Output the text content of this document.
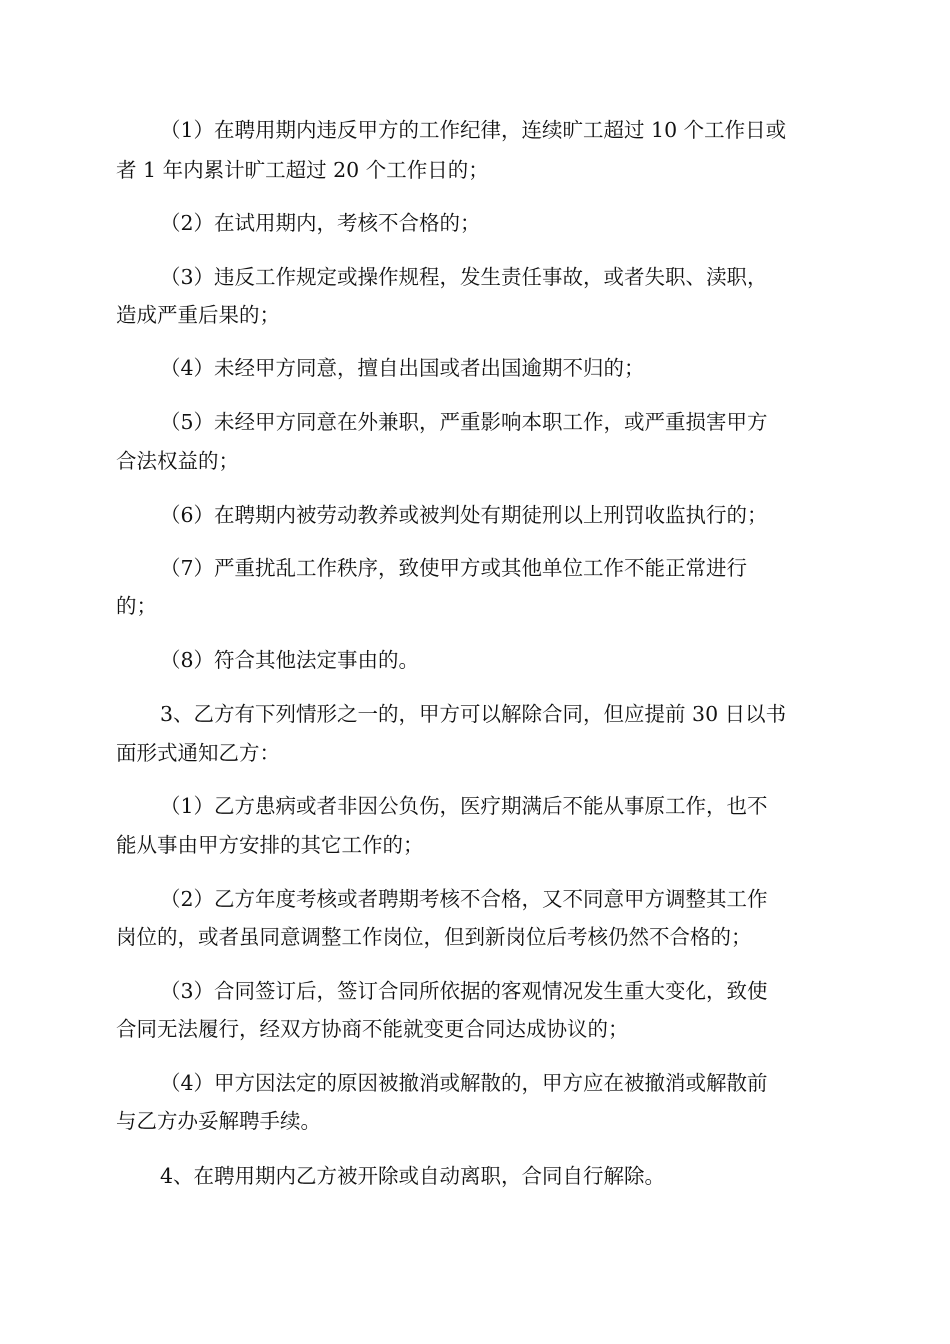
（1）在聘用期内违反甲方的工作纪律，连续旷工超过 10 个工作日或
者 1 年内累计旷工超过 20 个工作日的；
（2）在试用期内，考核不合格的；
（3）违反工作规定或操作规程，发生责任事故，或者失职、渎职，
造成严重后果的；
（4）未经甲方同意，擅自出国或者出国逾期不归的；
（5）未经甲方同意在外兼职，严重影响本职工作，或严重损害甲方
合法权益的；
（6）在聘期内被劳动教养或被判处有期徒刑以上刑罚收监执行的；
（7）严重扰乱工作秩序，致使甲方或其他单位工作不能正常进行
的；
（8）符合其他法定事由的。
3、乙方有下列情形之一的，甲方可以解除合同，但应提前 30 日以书
面形式通知乙方：
（1）乙方患病或者非因公负伤，医疗期满后不能从事原工作，也不
能从事由甲方安排的其它工作的；
（2）乙方年度考核或者聘期考核不合格，又不同意甲方调整其工作
岗位的，或者虽同意调整工作岗位，但到新岗位后考核仍然不合格的；
（3）合同签订后，签订合同所依据的客观情况发生重大变化，致使
合同无法履行，经双方协商不能就变更合同达成协议的；
（4）甲方因法定的原因被撤消或解散的，甲方应在被撤消或解散前
与乙方办妥解聘手续。
4、在聘用期内乙方被开除或自动离职，合同自行解除。
